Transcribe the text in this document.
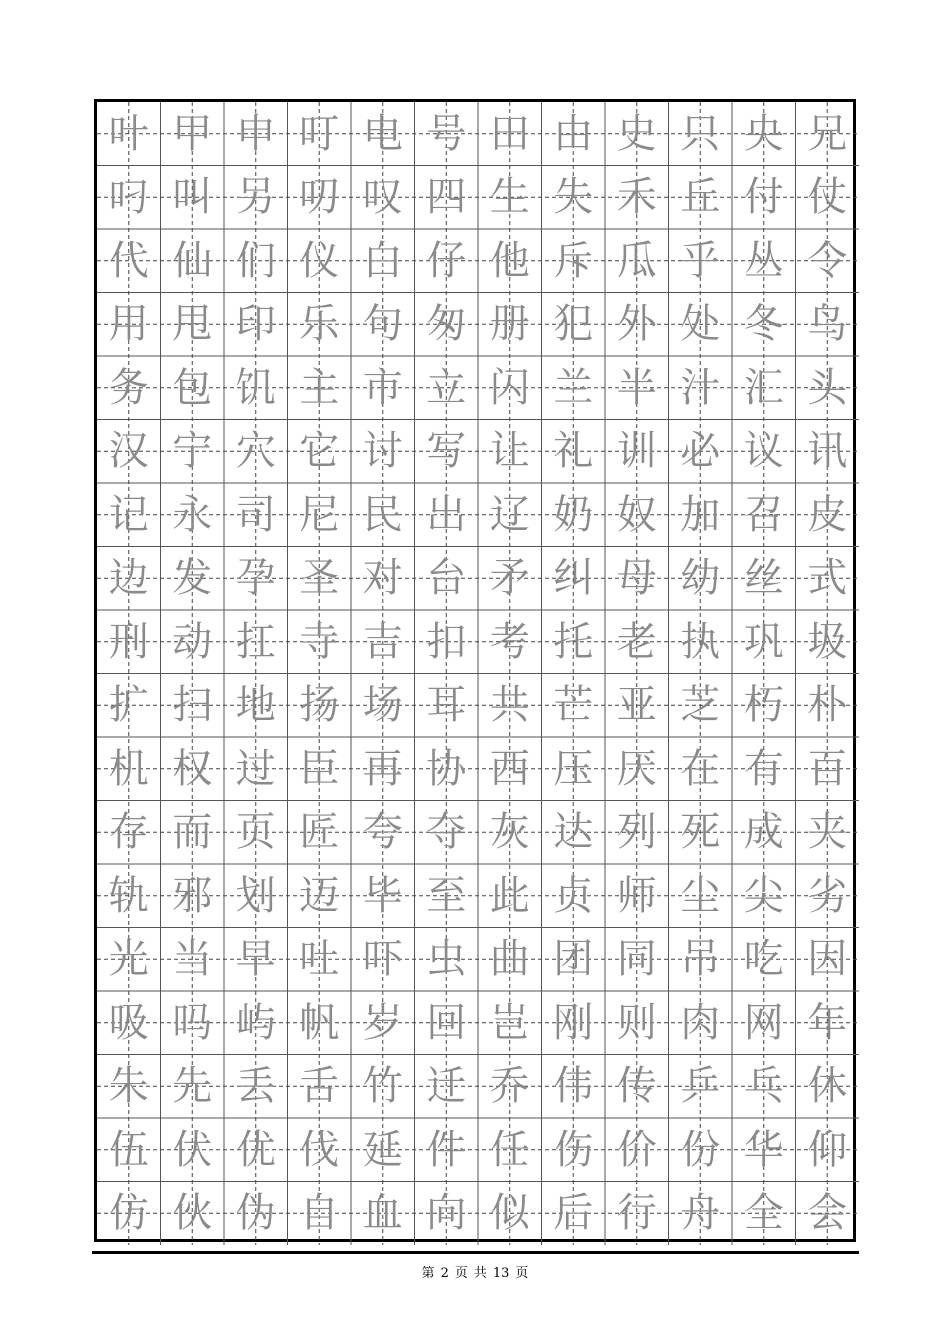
叶 甲 申 叮 电 号 田 由 史 只 央 兄
叼 叫 另 叨 叹 四 生 失 禾 丘 付 仗
代 仙 们 仪 白 仔 他 斥 瓜 乎 丛 令
用 甩 印 乐 句 匆 册 犯 外 处 冬 鸟
务 包 饥 主 市 立 闪 兰 半 汁 汇 头
汉 宁 穴 它 讨 写 让 礼 训 必 议 讯
记 永 司 尼 民 出 辽 奶 奴 加 召 皮
边 发 孕 圣 对 台 矛 纠 母 幼 丝 式
刑 动 扛 寺 吉 扣 考 托 老 执 巩 圾
扩 扫 地 扬 场 耳 共 芒 亚 芝 朽 朴
机 权 过 臣 再 协 西 压 厌 在 有 百
存 而 页 匠 夸 夺 灰 达 列 死 成 夹
轨 邪 划 迈 毕 至 此 贞 师 尘 尖 劣
光 当 早 吐 吓 虫 曲 团 同 吊 吃 因
吸 吗 屿 帆 岁 回 岂 刚 则 肉 网 年
朱 先 丢 舌 竹 迁 乔 伟 传 乒 乓 休
伍 伏 优 伐 延 件 任 伤 价 份 华 仰
仿 伙 伪 自 血 向 似 后 行 舟 全 会
第 2 页 共 13 页
